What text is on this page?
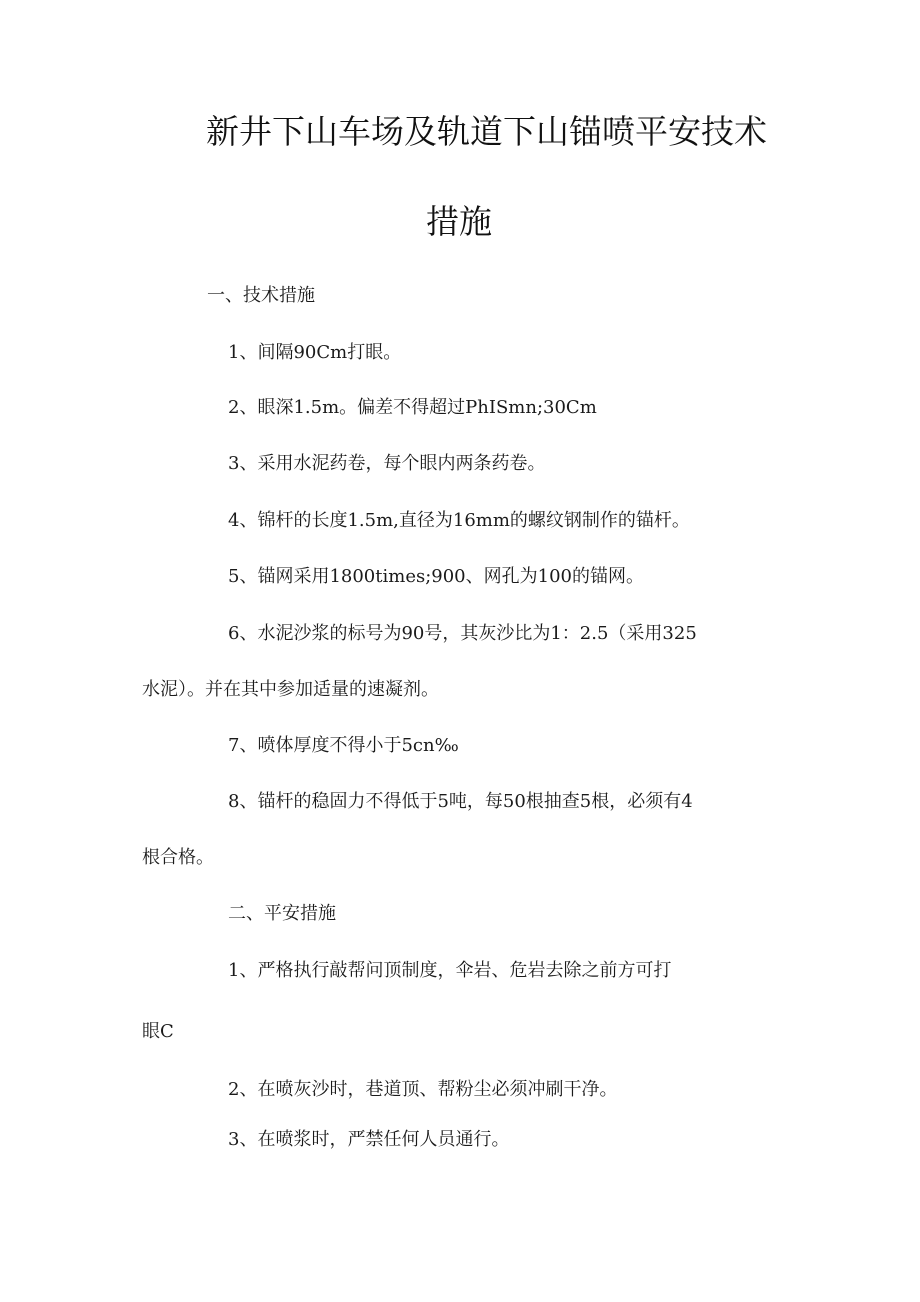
新井下山车场及轨道下山锚喷平安技术
措施
一、技术措施
1、间隔90Cm打眼。
2、眼深1.5m。偏差不得超过PhISmn;30Cm
3、采用水泥药卷，每个眼内两条药卷。
4、锦杆的长度1.5m,直径为16mm的螺纹钢制作的锚杆。
5、锚网采用1800times;900、网孔为100的锚网。
6、水泥沙浆的标号为90号，其灰沙比为1：2.5（采用325
水泥）。并在其中参加适量的速凝剂。
7、喷体厚度不得小于5cn‰
8、锚杆的稳固力不得低于5吨，每50根抽查5根，必须有4
根合格。
二、平安措施
1、严格执行敲帮问顶制度，伞岩、危岩去除之前方可打
眼C
2、在喷灰沙时，巷道顶、帮粉尘必须冲刷干净。
3、在喷浆时，严禁任何人员通行。
